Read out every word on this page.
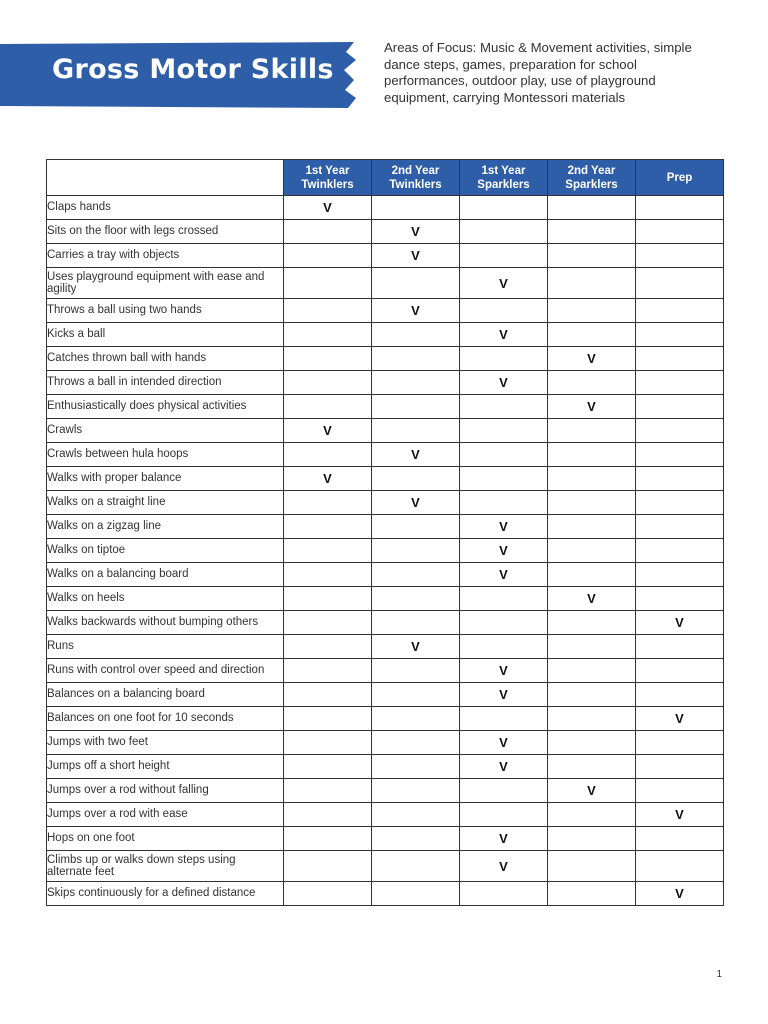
Gross Motor Skills
Areas of Focus: Music & Movement activities, simple dance steps, games, preparation for school performances, outdoor play, use of playground equipment, carrying Montessori materials
	1st Year Twinklers	2nd Year Twinklers	1st Year Sparklers	2nd Year Sparklers	Prep
Claps hands	V				
Sits on the floor with legs crossed		V			
Carries a tray with objects		V			
Uses playground equipment with ease and agility			V		
Throws a ball using two hands		V			
Kicks a ball			V		
Catches thrown ball with hands				V	
Throws a ball in intended direction			V		
Enthusiastically does physical activities				V	
Crawls	V				
Crawls between hula hoops		V			
Walks with proper balance	V				
Walks on a straight line		V			
Walks on a zigzag line			V		
Walks on tiptoe			V		
Walks on a balancing board			V		
Walks on heels				V	
Walks backwards without bumping others					V
Runs		V			
Runs with control over speed and direction			V		
Balances on a balancing board			V		
Balances on one foot for 10 seconds					V
Jumps with two feet			V		
Jumps off a short height			V		
Jumps over a rod without falling				V	
Jumps over a rod with ease					V
Hops on one foot			V		
Climbs up or walks down steps using alternate feet			V		
Skips continuously for a defined distance					V
1
